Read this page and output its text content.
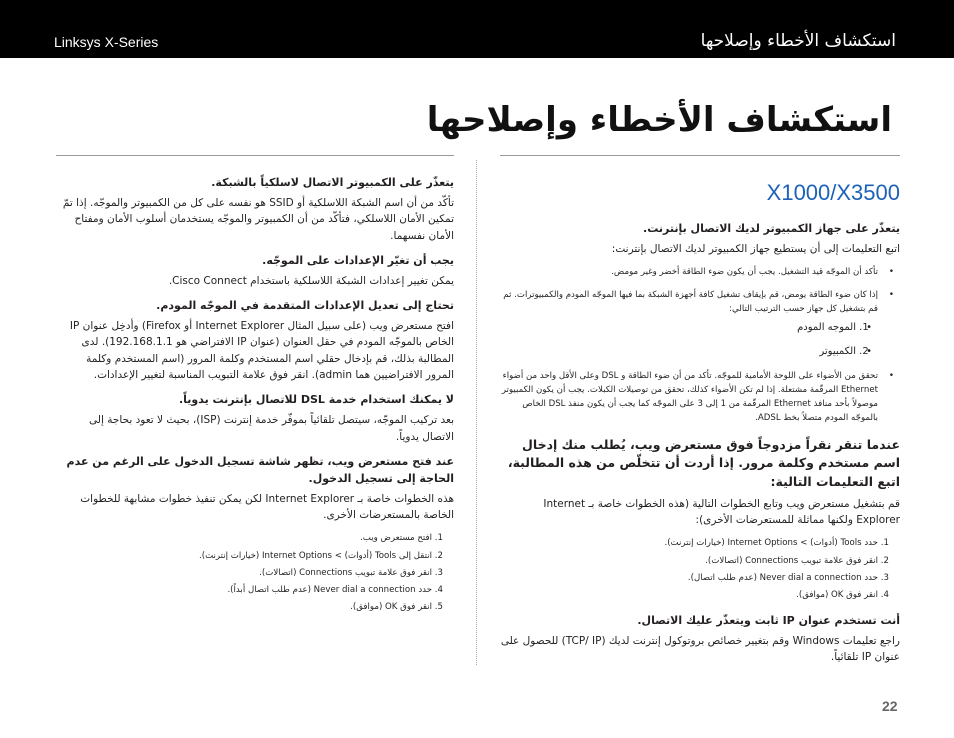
Linksys X-Series	استكشاف الأخطاء وإصلاحها
استكشاف الأخطاء وإصلاحها
يتعذّر على الكمبيوتر الاتصال لاسلكياً بالشبكة.

تأكّد من أن اسم الشبكة اللاسلكية أو SSID هو نفسه على كل من الكمبيوتر والموجّه. إذا تمّ تمكين الأمان اللاسلكي، فتأكّد من أن الكمبيوتر والموجّه يستخدمان أسلوب الأمان ومفتاح الأمان نفسهما.

يجب أن تغيّر الإعدادات على الموجّه.

يمكن تغيير إعدادات الشبكة اللاسلكية باستخدام Cisco Connect.

تحتاج إلى تعديل الإعدادات المتقدمة في الموجّه المودم.

افتح مستعرض ويب (على سبيل المثال Internet Explorer أو Firefox) وأدخِل عنوان IP الخاص بالموجّه المودم في حقل العنوان (عنوان IP الافتراضي هو 192.168.1.1). لدى المطالبة بذلك، قم بإدخال حقلي اسم المستخدم وكلمة المرور (اسم المستخدم وكلمة المرور الافتراضيين هما admin). انقر فوق علامة التبويب المناسبة لتغيير الإعدادات.

لا يمكنك استخدام خدمة DSL للاتصال بإنترنت يدوياً.

بعد تركيب الموجّه، سيتصل تلقائياً بموفّر خدمة إنترنت (ISP)، بحيث لا تعود بحاجة إلى الاتصال يدوياً.

عند فتح مستعرض ويب، تظهر شاشة تسجيل الدخول على الرغم من عدم الحاجة إلى تسجيل الدخول.

هذه الخطوات خاصة بـ Internet Explorer لكن يمكن تنفيذ خطوات مشابهة للخطوات الخاصة بالمستعرضات الأخرى.

1. افتح مستعرض ويب.
2. انتقل إلى Tools (أدوات) > Internet Options (خيارات إنترنت).
3. انقر فوق علامة تبويب Connections (اتصالات).
4. حدد Never dial a connection (عدم طلب اتصال أبداً).
5. انقر فوق OK (موافق).
X1000/X3500
يتعذّر على جهاز الكمبيوتر لديك الاتصال بإنترنت.

اتبع التعليمات إلى أن يستطيع جهاز الكمبيوتر لديك الاتصال بإنترنت:

• تأكد أن الموجّه قيد التشغيل. يجب أن يكون ضوء الطاقة أخضر وغير مومض.
• إذا كان ضوء الطاقة يومض، قم بإيقاف تشغيل كافة أجهزة الشبكة بما فيها الموجّه المودم والكمبيوترات. ثم قم بتشغيل كل جهاز حسب الترتيب التالي:
• 1. الموجه المودم
• 2. الكمبيوتر
• تحقق من الأضواء على اللوحة الأمامية للموجّه. تأكد من أن ضوء الطاقة و DSL وعلى الأقل واحد من أضواء Ethernet المرقّمة مشتعلة. إذا لم تكن الأضواء كذلك، تحقق من توصيلات الكبلات. يجب أن يكون الكمبيوتر موصولاً بأحد منافذ Ethernet المرقّمة من 1 إلى 3 على الموجّه كما يجب أن يكون منفذ DSL الخاص بالموجّه المودم متصلاً بخط ADSL.
عندما تنقر نقراً مزدوجاً فوق مستعرض ويب، يُطلب منك إدخال اسم مستخدم وكلمة مرور. إذا أردت أن تتخلّص من هذه المطالبة، اتبع التعليمات التالية:

قم بتشغيل مستعرض ويب وتابع الخطوات التالية (هذه الخطوات خاصة بـ Internet Explorer ولكنها مماثلة للمستعرضات الأخرى):

1. حدد Tools (أدوات) > Internet Options (خيارات إنترنت).
2. انقر فوق علامة تبويب Connections (اتصالات).
3. حدد Never dial a connection (عدم طلب اتصال).
4. انقر فوق OK (موافق).
أنت تستخدم عنوان IP ثابت ويتعذّر عليك الاتصال.

راجع تعليمات Windows وقم بتغيير خصائص بروتوكول إنترنت لديك (TCP/ IP) للحصول على عنوان IP تلقائياً.

22
